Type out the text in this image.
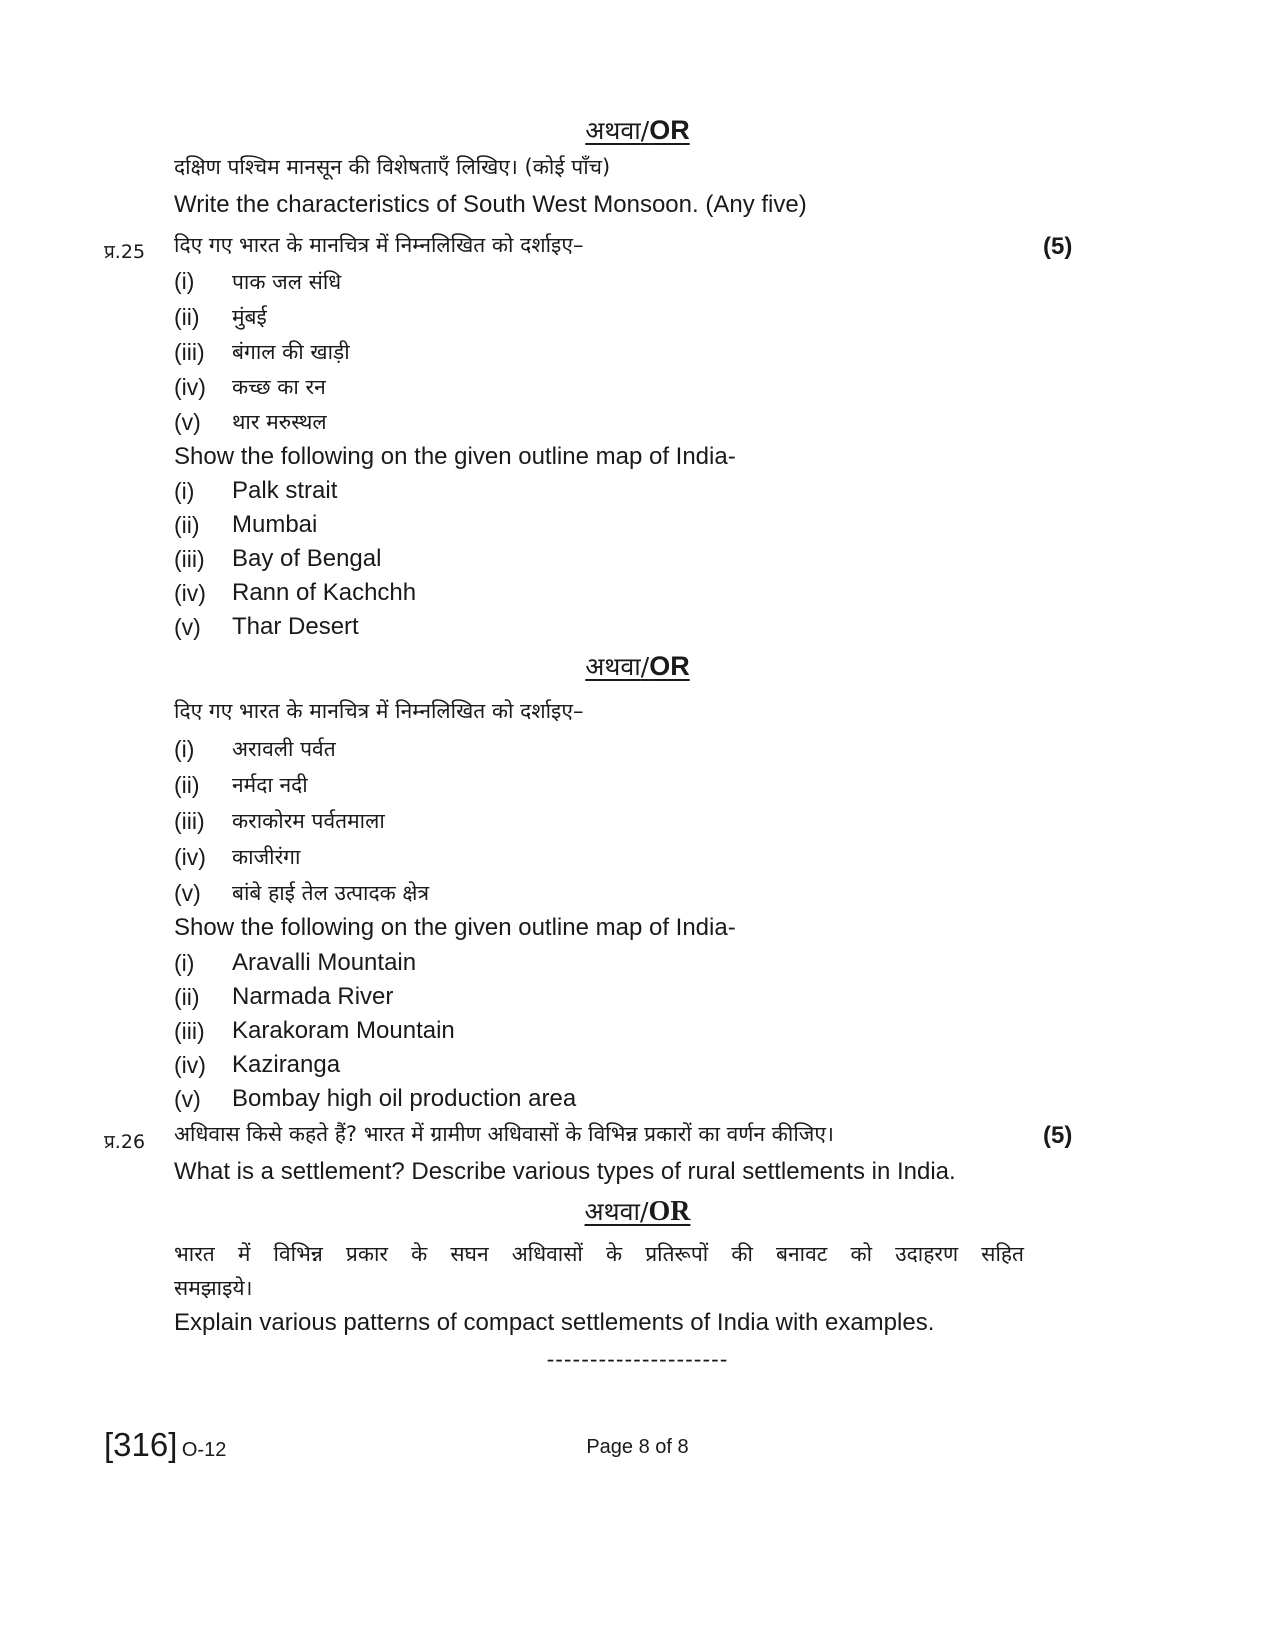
अथवा/OR
दक्षिण पश्चिम मानसून की विशेषताएँ लिखिए। (कोई पाँच)
Write the characteristics of South West Monsoon. (Any five)
प्र.25 दिए गए भारत के मानचित्र में निम्नलिखित को दर्शाइए–	(5)
(i) पाक जल संधि
(ii) मुंबई
(iii) बंगाल की खाड़ी
(iv) कच्छ का रन
(v) थार मरुस्थल
Show the following on the given outline map of India-
(i) Palk strait
(ii) Mumbai
(iii) Bay of Bengal
(iv) Rann of Kachchh
(v) Thar Desert
अथवा/OR
दिए गए भारत के मानचित्र में निम्नलिखित को दर्शाइए–
(i) अरावली पर्वत
(ii) नर्मदा नदी
(iii) कराकोरम पर्वतमाला
(iv) काजीरंगा
(v) बांबे हाई तेल उत्पादक क्षेत्र
Show the following on the given outline map of India-
(i) Aravalli Mountain
(ii) Narmada River
(iii) Karakoram Mountain
(iv) Kaziranga
(v) Bombay high oil production area
प्र.26 अधिवास किसे कहते हैं? भारत में ग्रामीण अधिवासों के विभिन्न प्रकारों का वर्णन कीजिए।	(5)
What is a settlement? Describe various types of rural settlements in India.
अथवा/OR
भारत में विभिन्न प्रकार के सघन अधिवासों के प्रतिरूपों की बनावट को उदाहरण सहित
समझाइये।
Explain various patterns of compact settlements of India with examples.
---------------------
[316] O-12	Page 8 of 8
